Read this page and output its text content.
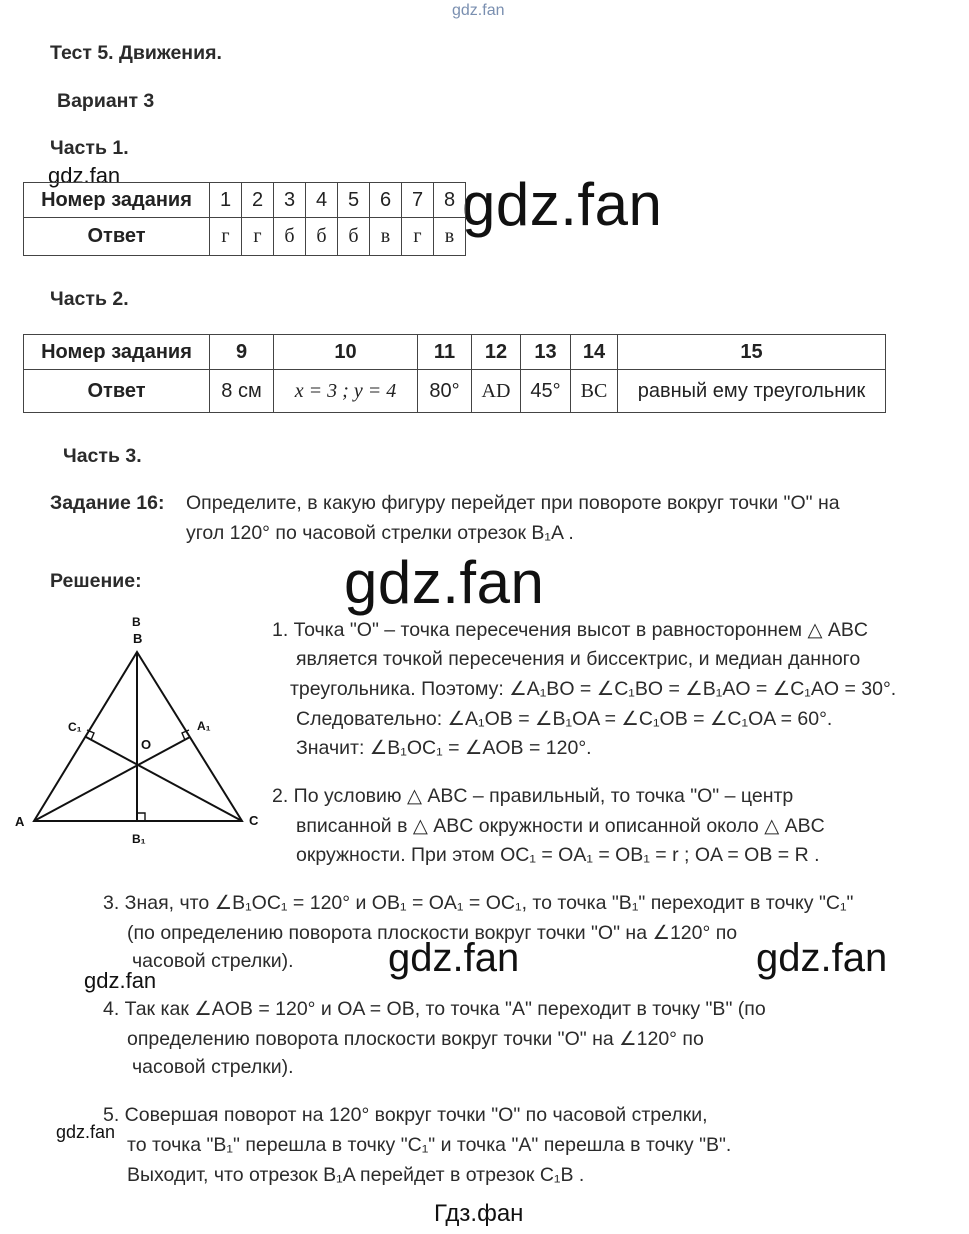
gdz.fan
gdz.fan	gdz.fan
gdz.fan
gdz.fan	gdz.fan
gdz.fan
gdz.fan
Гдз.фан
Тест 5. Движения.
Вариант 3
Часть 1.
Номер задания	1	2	3	4	5	6	7	8
Ответ	г	г	б	б	б	в	г	в
Часть 2.
Номер задания	9	10	11	12	13	14	15
Ответ	8 см	x = 3 ; y = 4	80°	AD	45°	BC	равный ему треугольник
Часть 3.
Задание 16: Определите, в какую фигуру перейдет при повороте вокруг точки "O" на
угол 120° по часовой стрелки отрезок B₁A .
Решение:
B
B
A	C
O
C₁	A₁
B₁
1. Точка "O" – точка пересечения высот в равностороннем △ ABC
является точкой пересечения и биссектрис, и медиан данного
треугольника. Поэтому: ∠A₁BO = ∠C₁BO = ∠B₁AO = ∠C₁AO = 30°.
Следовательно: ∠A₁OB = ∠B₁OA = ∠C₁OB = ∠C₁OA = 60°.
Значит: ∠B₁OC₁ = ∠AOB = 120°.
2. По условию △ ABC – правильный, то точка "O" – центр
вписанной в △ ABC окружности и описанной около △ ABC
окружности. При этом OC₁ = OA₁ = OB₁ = r ; OA = OB = R .
3. Зная, что ∠B₁OC₁ = 120° и OB₁ = OA₁ = OC₁, то точка "B₁" переходит в точку "C₁"
(по определению поворота плоскости вокруг точки "O" на ∠120° по
часовой стрелки).
4. Так как ∠AOB = 120° и OA = OB, то точка "A" переходит в точку "B" (по
определению поворота плоскости вокруг точки "O" на ∠120° по
часовой стрелки).
5. Совершая поворот на 120° вокруг точки "O" по часовой стрелки,
то точка "B₁" перешла в точку "C₁" и точка "A" перешла в точку "B".
Выходит, что отрезок B₁A перейдет в отрезок C₁B .
